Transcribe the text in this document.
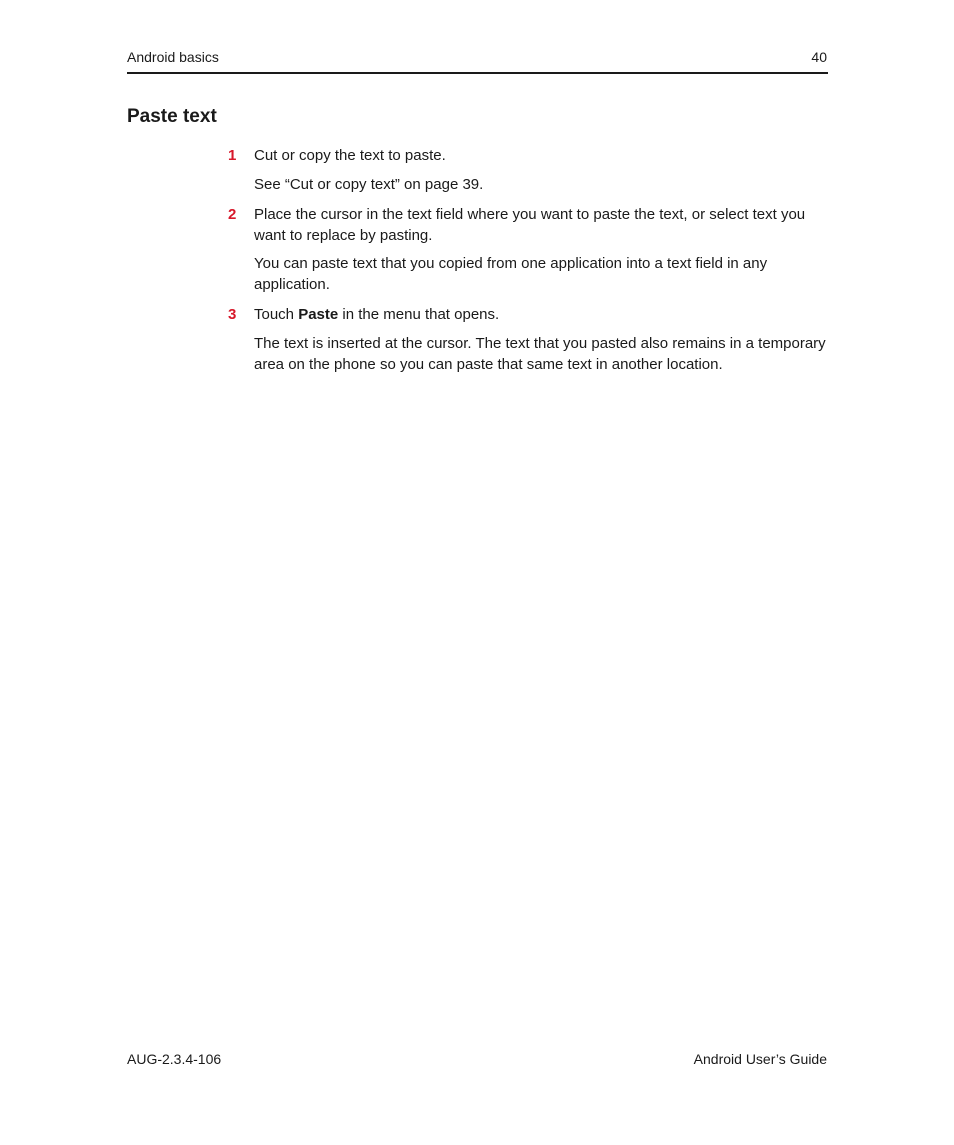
Android basics	40
Paste text

1 Cut or copy the text to paste.

See “Cut or copy text” on page 39.

2 Place the cursor in the text field where you want to paste the text, or select text you want to replace by pasting.

You can paste text that you copied from one application into a text field in any application.

3 Touch Paste in the menu that opens.

The text is inserted at the cursor. The text that you pasted also remains in a temporary area on the phone so you can paste that same text in another location.

AUG-2.3.4-106	Android User’s Guide
